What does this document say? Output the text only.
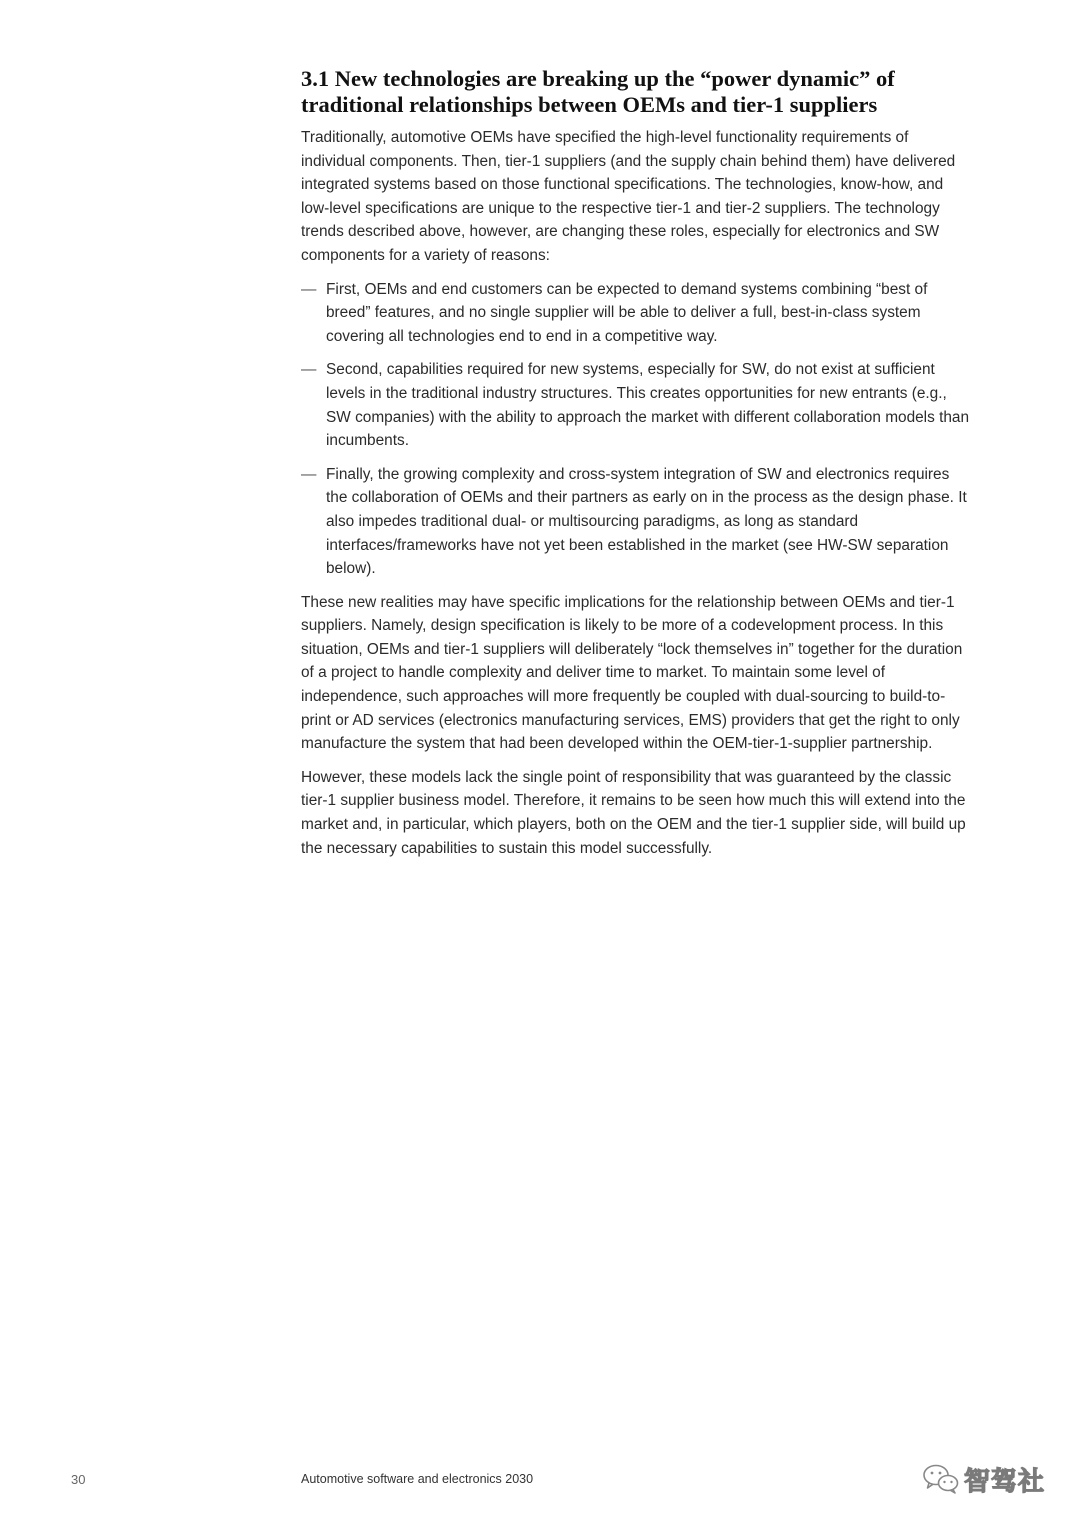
3.1 New technologies are breaking up the “power dynamic” of traditional relationships between OEMs and tier-1 suppliers

Traditionally, automotive OEMs have specified the high-level functionality requirements of individual components. Then, tier-1 suppliers (and the supply chain behind them) have delivered integrated systems based on those functional specifications. The technologies, know-how, and low-level specifications are unique to the respective tier-1 and tier-2 suppliers. The technology trends described above, however, are changing these roles, especially for electronics and SW components for a variety of reasons:

— First, OEMs and end customers can be expected to demand systems combining “best of breed” features, and no single supplier will be able to deliver a full, best-in-class system covering all technologies end to end in a competitive way.
— Second, capabilities required for new systems, especially for SW, do not exist at sufficient levels in the traditional industry structures. This creates opportunities for new entrants (e.g., SW companies) with the ability to approach the market with different collaboration models than incumbents.
— Finally, the growing complexity and cross-system integration of SW and electronics requires the collaboration of OEMs and their partners as early on in the process as the design phase. It also impedes traditional dual- or multisourcing paradigms, as long as standard interfaces/frameworks have not yet been established in the market (see HW-SW separation below).

These new realities may have specific implications for the relationship between OEMs and tier-1 suppliers. Namely, design specification is likely to be more of a codevelopment process. In this situation, OEMs and tier-1 suppliers will deliberately “lock themselves in” together for the duration of a project to handle complexity and deliver time to market. To maintain some level of independence, such approaches will more frequently be coupled with dual-sourcing to build-to-print or AD services (electronics manufacturing services, EMS) providers that get the right to only manufacture the system that had been developed within the OEM-tier-1-supplier partnership.

However, these models lack the single point of responsibility that was guaranteed by the classic tier-1 supplier business model. Therefore, it remains to be seen how much this will extend into the market and, in particular, which players, both on the OEM and the tier-1 supplier side, will build up the necessary capabilities to sustain this model successfully.

30	Automotive software and electronics 2030	智驾社
